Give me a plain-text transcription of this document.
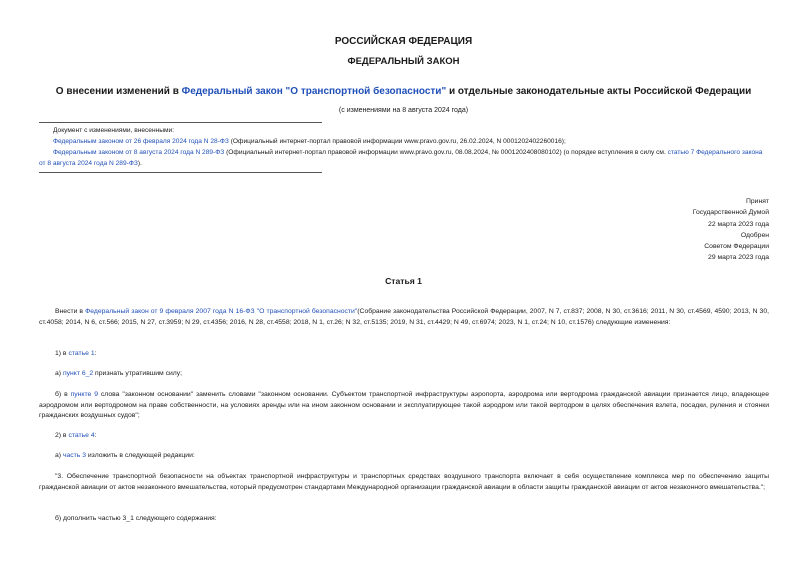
РОССИЙСКАЯ ФЕДЕРАЦИЯ
ФЕДЕРАЛЬНЫЙ ЗАКОН
О внесении изменений в Федеральный закон "О транспортной безопасности" и отдельные законодательные акты Российской Федерации
(с изменениями на 8 августа 2024 года)

Документ с изменениями, внесенными:

Федеральным законом от 26 февраля 2024 года N 28-ФЗ (Официальный интернет-портал правовой информации www.pravo.gov.ru, 26.02.2024, N 0001202402260016);

Федеральным законом от 8 августа 2024 года N 289-ФЗ (Официальный интернет-портал правовой информации www.pravo.gov.ru, 08.08.2024, № 0001202408080102) (о порядке вступления в силу см. статью 7 Федерального закона от 8 августа 2024 года N 289-ФЗ).

Принят
Государственной Думой
22 марта 2023 года
Одобрен
Советом Федерации
29 марта 2023 года
Статья 1

Внести в Федеральный закон от 9 февраля 2007 года N 16-ФЗ "О транспортной безопасности"(Собрание законодательства Российской Федерации, 2007, N 7, ст.837; 2008, N 30, ст.3616; 2011, N 30, ст.4569, 4590; 2013, N 30, ст.4058; 2014, N 6, ст.566; 2015, N 27, ст.3959; N 29, ст.4356; 2016, N 28, ст.4558; 2018, N 1, ст.26; N 32, ст.5135; 2019, N 31, ст.4429; N 49, ст.6974; 2023, N 1, ст.24; N 10, ст.1576) следующие изменения:

1) в статье 1:

а) пункт 6_2 признать утратившим силу;

б) в пункте 9 слова "законном основании" заменить словами "законном основании. Субъектом транспортной инфраструктуры аэропорта, аэродрома или вертодрома гражданской авиации признается лицо, владеющее аэродромом или вертодромом на праве собственности, на условиях аренды или на ином законном основании и эксплуатирующее такой аэродром или такой вертодром в целях обеспечения взлета, посадки, руления и стоянки гражданских воздушных судов";

2) в статье 4:

а) часть 3 изложить в следующей редакции:

"3. Обеспечение транспортной безопасности на объектах транспортной инфраструктуры и транспортных средствах воздушного транспорта включает в себя осуществление комплекса мер по обеспечению защиты гражданской авиации от актов незаконного вмешательства, который предусмотрен стандартами Международной организации гражданской авиации в области защиты гражданской авиации от актов незаконного вмешательства.";

б) дополнить частью 3_1 следующего содержания:
